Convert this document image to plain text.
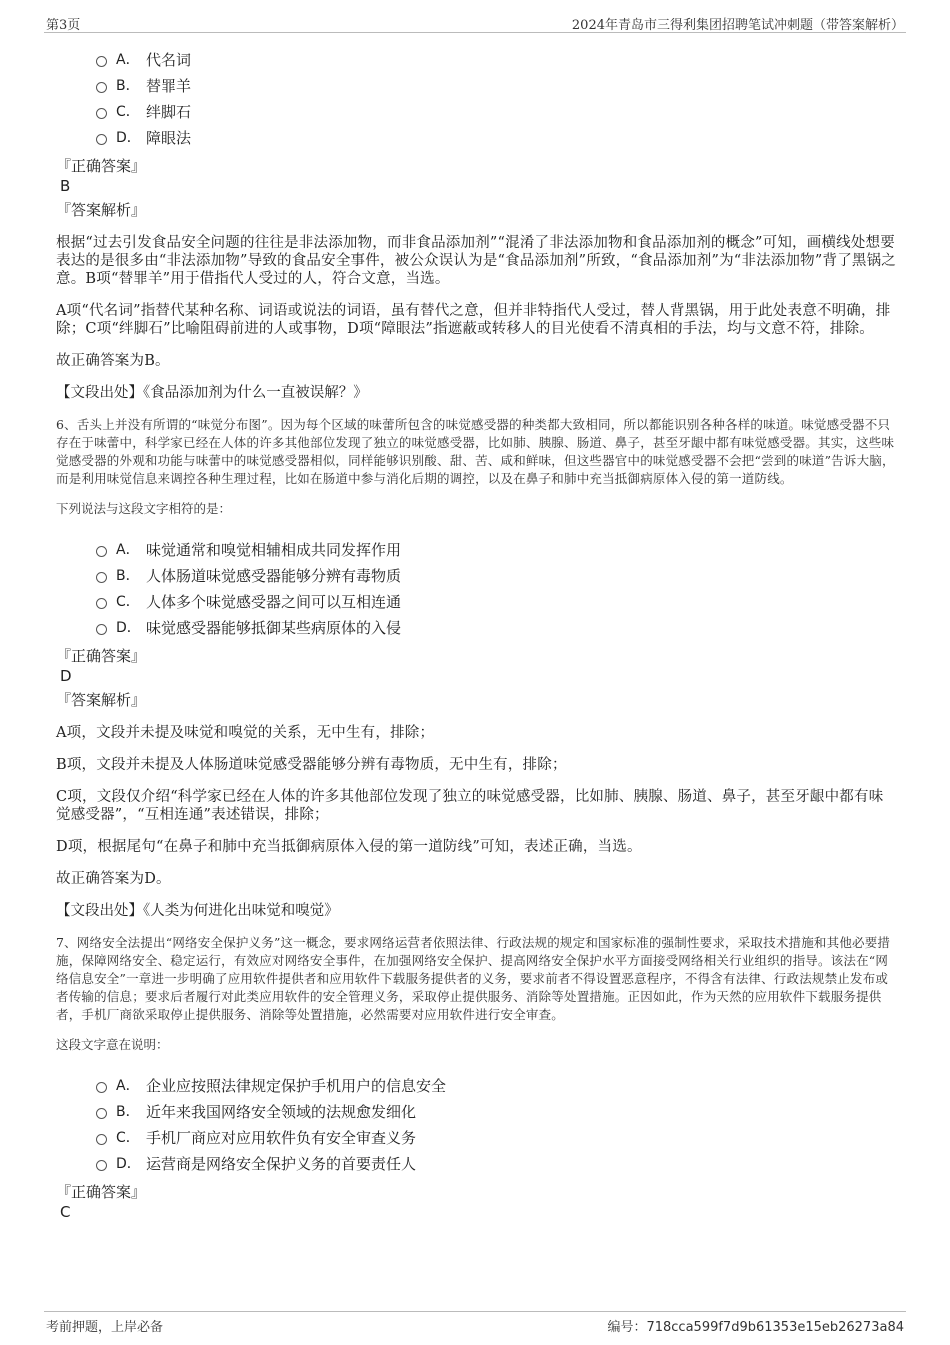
第3页	2024年青岛市三得利集团招聘笔试冲刺题（带答案解析）
A． 代名词
B． 替罪羊
C． 绊脚石
D． 障眼法

『正确答案』

B

『答案解析』

根据“过去引发食品安全问题的往往是非法添加物，而非食品添加剂”“混淆了非法添加物和食品添加剂的概念”可知，画横线处想要表达的是很多由“非法添加物”导致的食品安全事件，被公众误认为是“食品添加剂”所致，“食品添加剂”为“非法添加物”背了黑锅之意。B项“替罪羊”用于借指代人受过的人，符合文意，当选。

A项“代名词”指替代某种名称、词语或说法的词语，虽有替代之意，但并非特指代人受过，替人背黑锅，用于此处表意不明确，排除；C项“绊脚石”比喻阻碍前进的人或事物，D项“障眼法”指遮蔽或转移人的目光使看不清真相的手法，均与文意不符，排除。

故正确答案为B。

【文段出处】《食品添加剂为什么一直被误解？》

6、舌头上并没有所谓的“味觉分布图”。因为每个区域的味蕾所包含的味觉感受器的种类都大致相同，所以都能识别各种各样的味道。味觉感受器不只存在于味蕾中，科学家已经在人体的许多其他部位发现了独立的味觉感受器，比如肺、胰腺、肠道、鼻子，甚至牙龈中都有味觉感受器。其实，这些味觉感受器的外观和功能与味蕾中的味觉感受器相似，同样能够识别酸、甜、苦、咸和鲜味，但这些器官中的味觉感受器不会把“尝到的味道”告诉大脑，而是利用味觉信息来调控各种生理过程，比如在肠道中参与消化后期的调控，以及在鼻子和肺中充当抵御病原体入侵的第一道防线。

下列说法与这段文字相符的是：

A． 味觉通常和嗅觉相辅相成共同发挥作用
B． 人体肠道味觉感受器能够分辨有毒物质
C． 人体多个味觉感受器之间可以互相连通
D． 味觉感受器能够抵御某些病原体的入侵

『正确答案』

D

『答案解析』

A项，文段并未提及味觉和嗅觉的关系，无中生有，排除；

B项，文段并未提及人体肠道味觉感受器能够分辨有毒物质，无中生有，排除；

C项，文段仅介绍“科学家已经在人体的许多其他部位发现了独立的味觉感受器，比如肺、胰腺、肠道、鼻子，甚至牙龈中都有味觉感受器”，“互相连通”表述错误，排除；

D项，根据尾句“在鼻子和肺中充当抵御病原体入侵的第一道防线”可知，表述正确，当选。

故正确答案为D。

【文段出处】《人类为何进化出味觉和嗅觉》

7、网络安全法提出“网络安全保护义务”这一概念，要求网络运营者依照法律、行政法规的规定和国家标准的强制性要求，采取技术措施和其他必要措施，保障网络安全、稳定运行，有效应对网络安全事件，在加强网络安全保护、提高网络安全保护水平方面接受网络相关行业组织的指导。该法在“网络信息安全”一章进一步明确了应用软件提供者和应用软件下载服务提供者的义务，要求前者不得设置恶意程序，不得含有法律、行政法规禁止发布或者传输的信息；要求后者履行对此类应用软件的安全管理义务，采取停止提供服务、消除等处置措施。正因如此，作为天然的应用软件下载服务提供者，手机厂商欲采取停止提供服务、消除等处置措施，必然需要对应用软件进行安全审查。

这段文字意在说明：

A． 企业应按照法律规定保护手机用户的信息安全
B． 近年来我国网络安全领域的法规愈发细化
C． 手机厂商应对应用软件负有安全审查义务
D． 运营商是网络安全保护义务的首要责任人

『正确答案』

C

考前押题，上岸必备	编号：718cca599f7d9b61353e15eb26273a84
